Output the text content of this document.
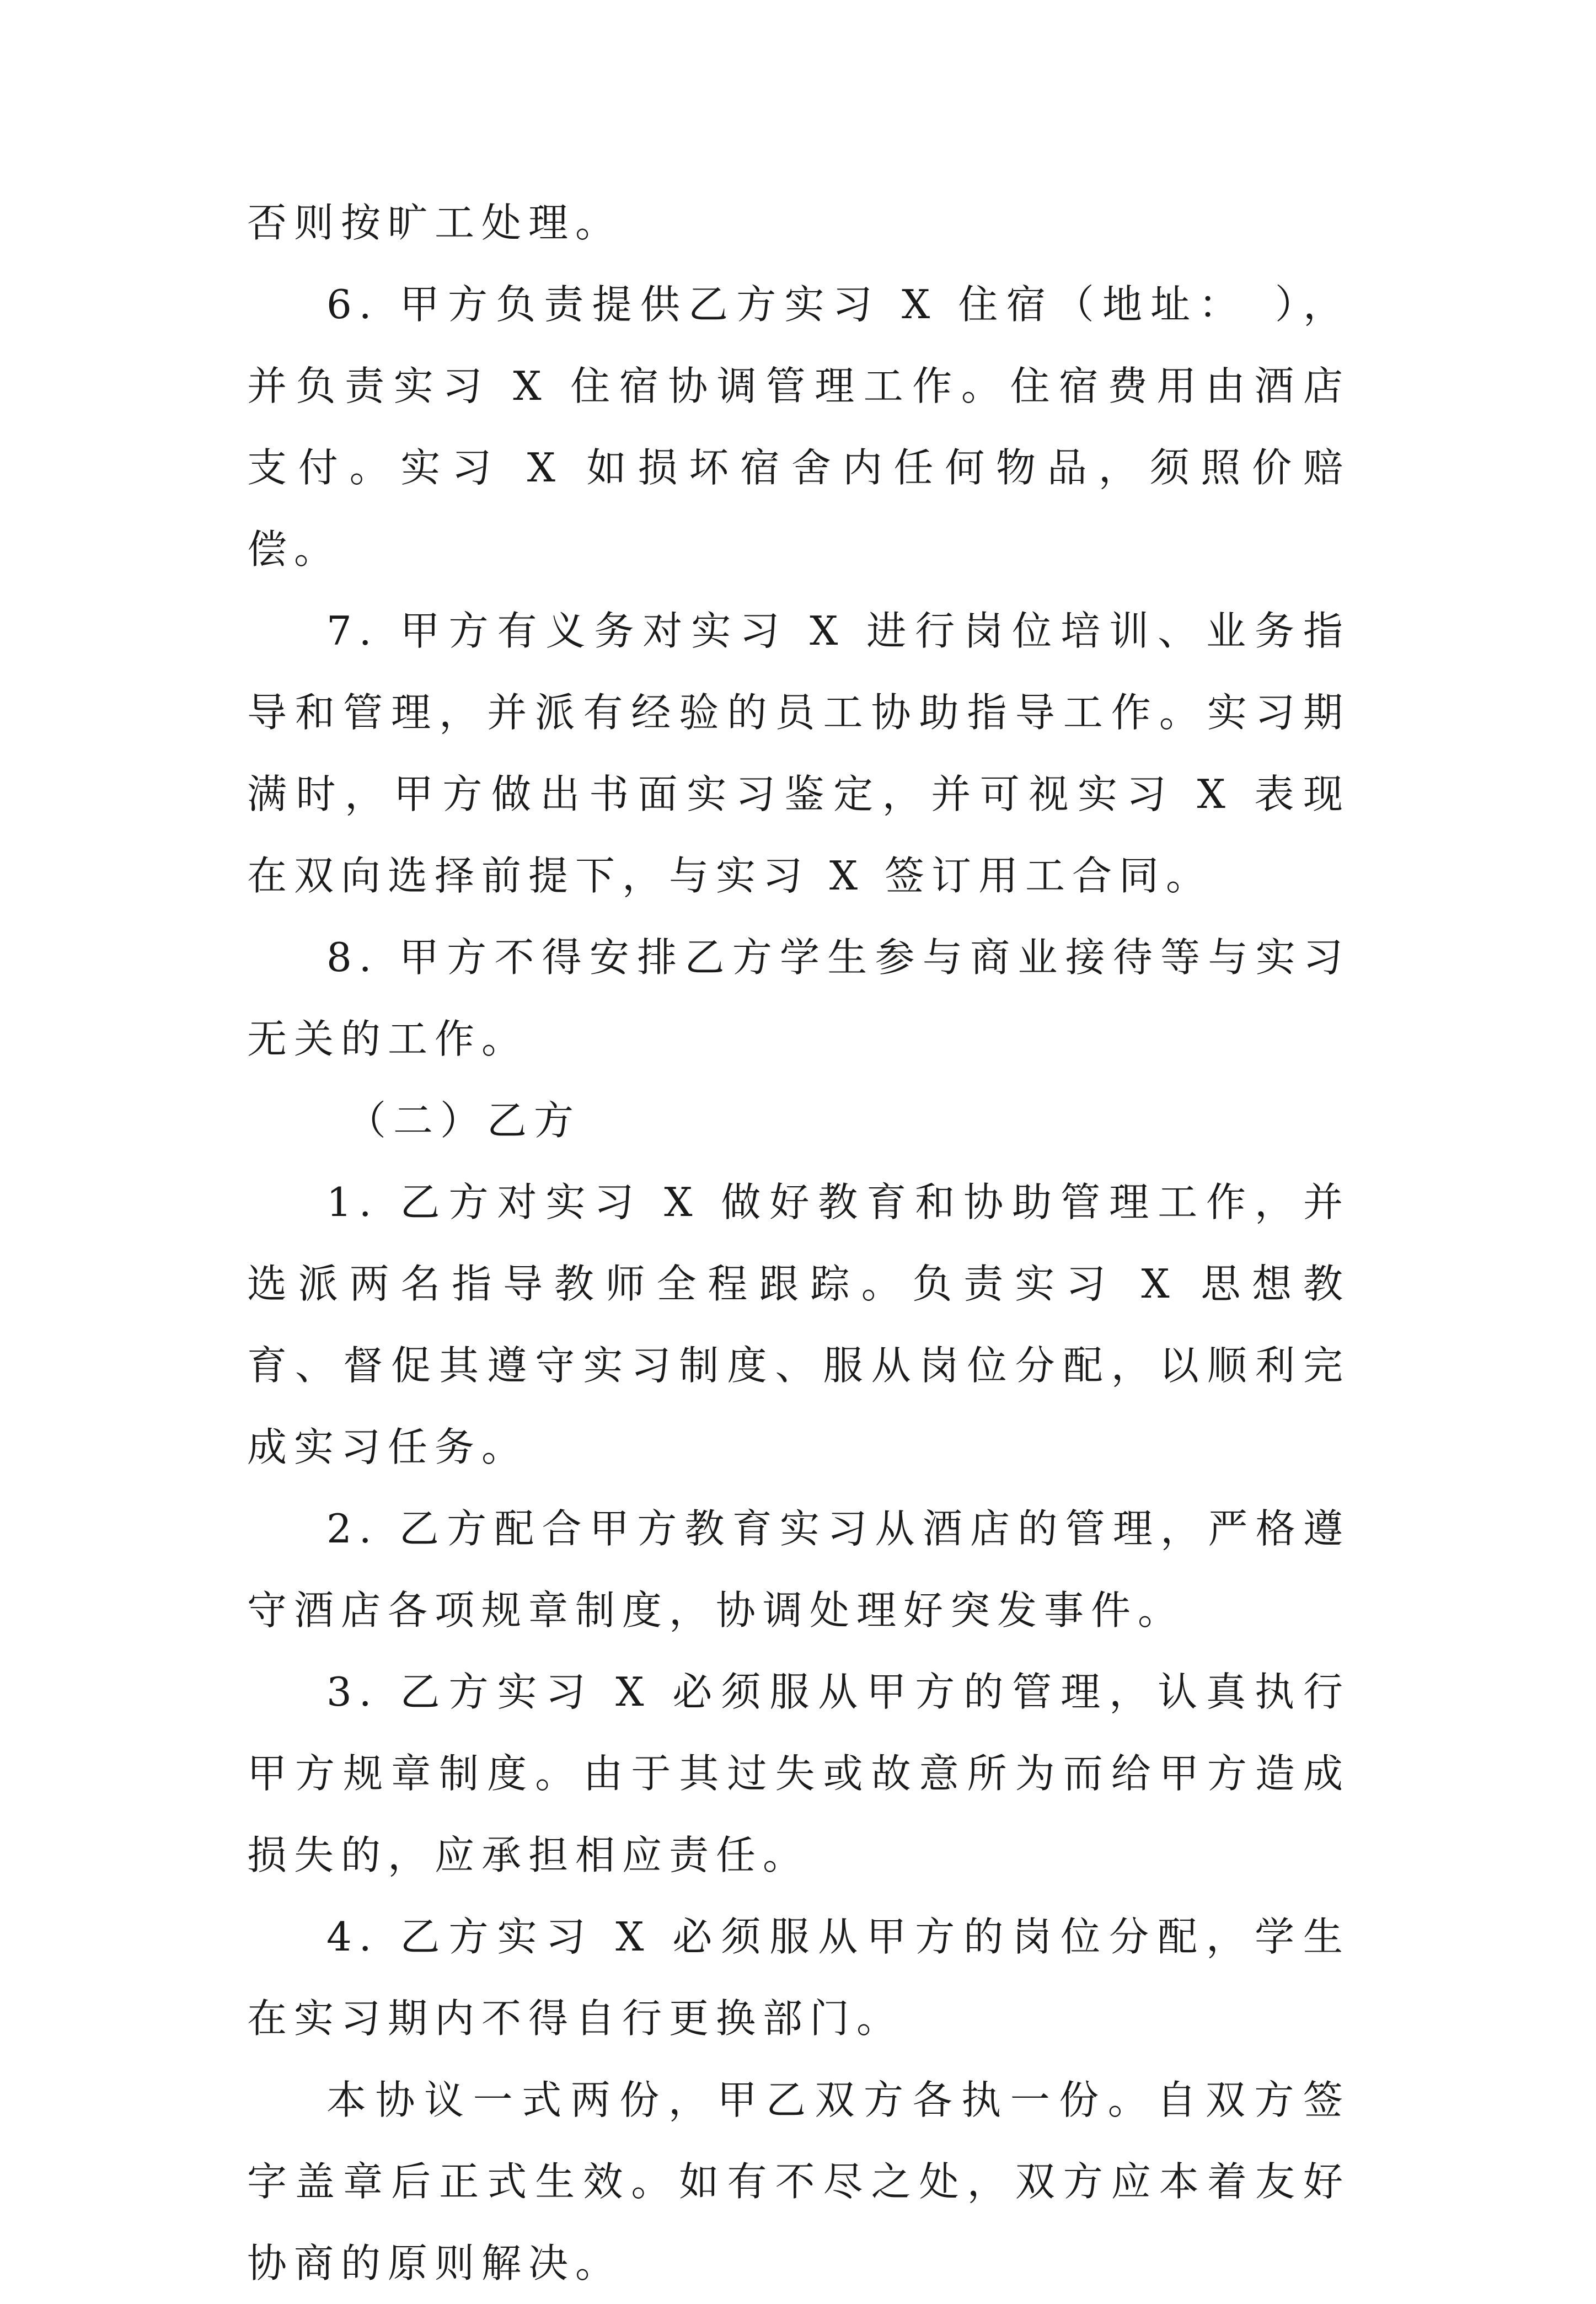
否则按旷工处理。

6. 甲方负责提供乙方实习 X 住宿（地址：　），并负责实习 X 住宿协调管理工作。住宿费用由酒店支付。实习 X 如损坏宿舍内任何物品，须照价赔偿。

7. 甲方有义务对实习 X 进行岗位培训、业务指导和管理，并派有经验的员工协助指导工作。实习期满时，甲方做出书面实习鉴定，并可视实习 X 表现在双向选择前提下，与实习 X 签订用工合同。

8. 甲方不得安排乙方学生参与商业接待等与实习无关的工作。

（二）乙方

1. 乙方对实习 X 做好教育和协助管理工作，并选派两名指导教师全程跟踪。负责实习 X 思想教育、督促其遵守实习制度、服从岗位分配，以顺利完成实习任务。

2. 乙方配合甲方教育实习从酒店的管理，严格遵守酒店各项规章制度，协调处理好突发事件。

3. 乙方实习 X 必须服从甲方的管理，认真执行甲方规章制度。由于其过失或故意所为而给甲方造成损失的，应承担相应责任。

4. 乙方实习 X 必须服从甲方的岗位分配，学生在实习期内不得自行更换部门。

本协议一式两份，甲乙双方各执一份。自双方签字盖章后正式生效。如有不尽之处，双方应本着友好协商的原则解决。
